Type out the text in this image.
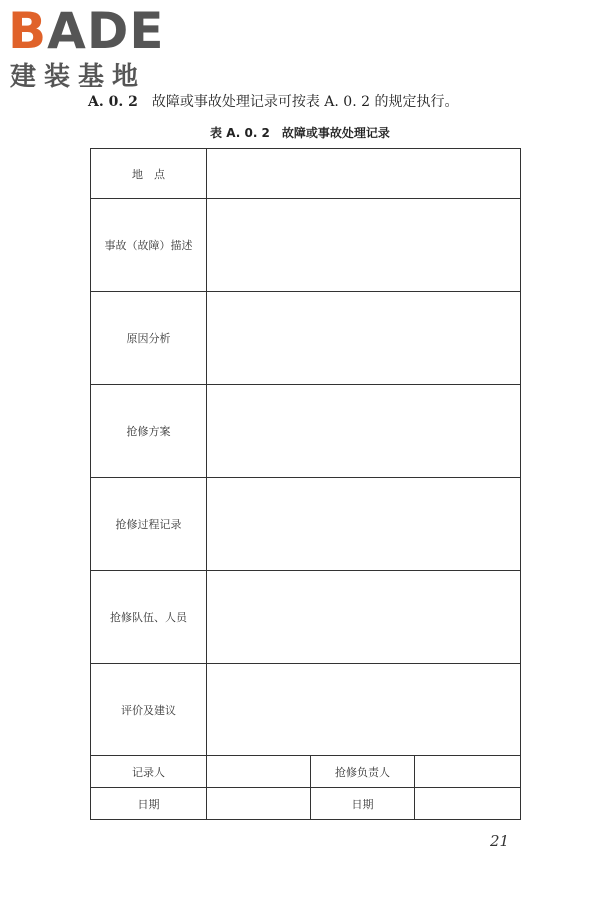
BADE
建装基地
A. 0. 2 故障或事故处理记录可按表 A. 0. 2 的规定执行。
表 A. 0. 2 故障或事故处理记录
地　点			
事故（故障）描述			
原因分析			
抢修方案			
抢修过程记录			
抢修队伍、人员			
评价及建议			
记录人		抢修负责人	
日期		日期	
21
